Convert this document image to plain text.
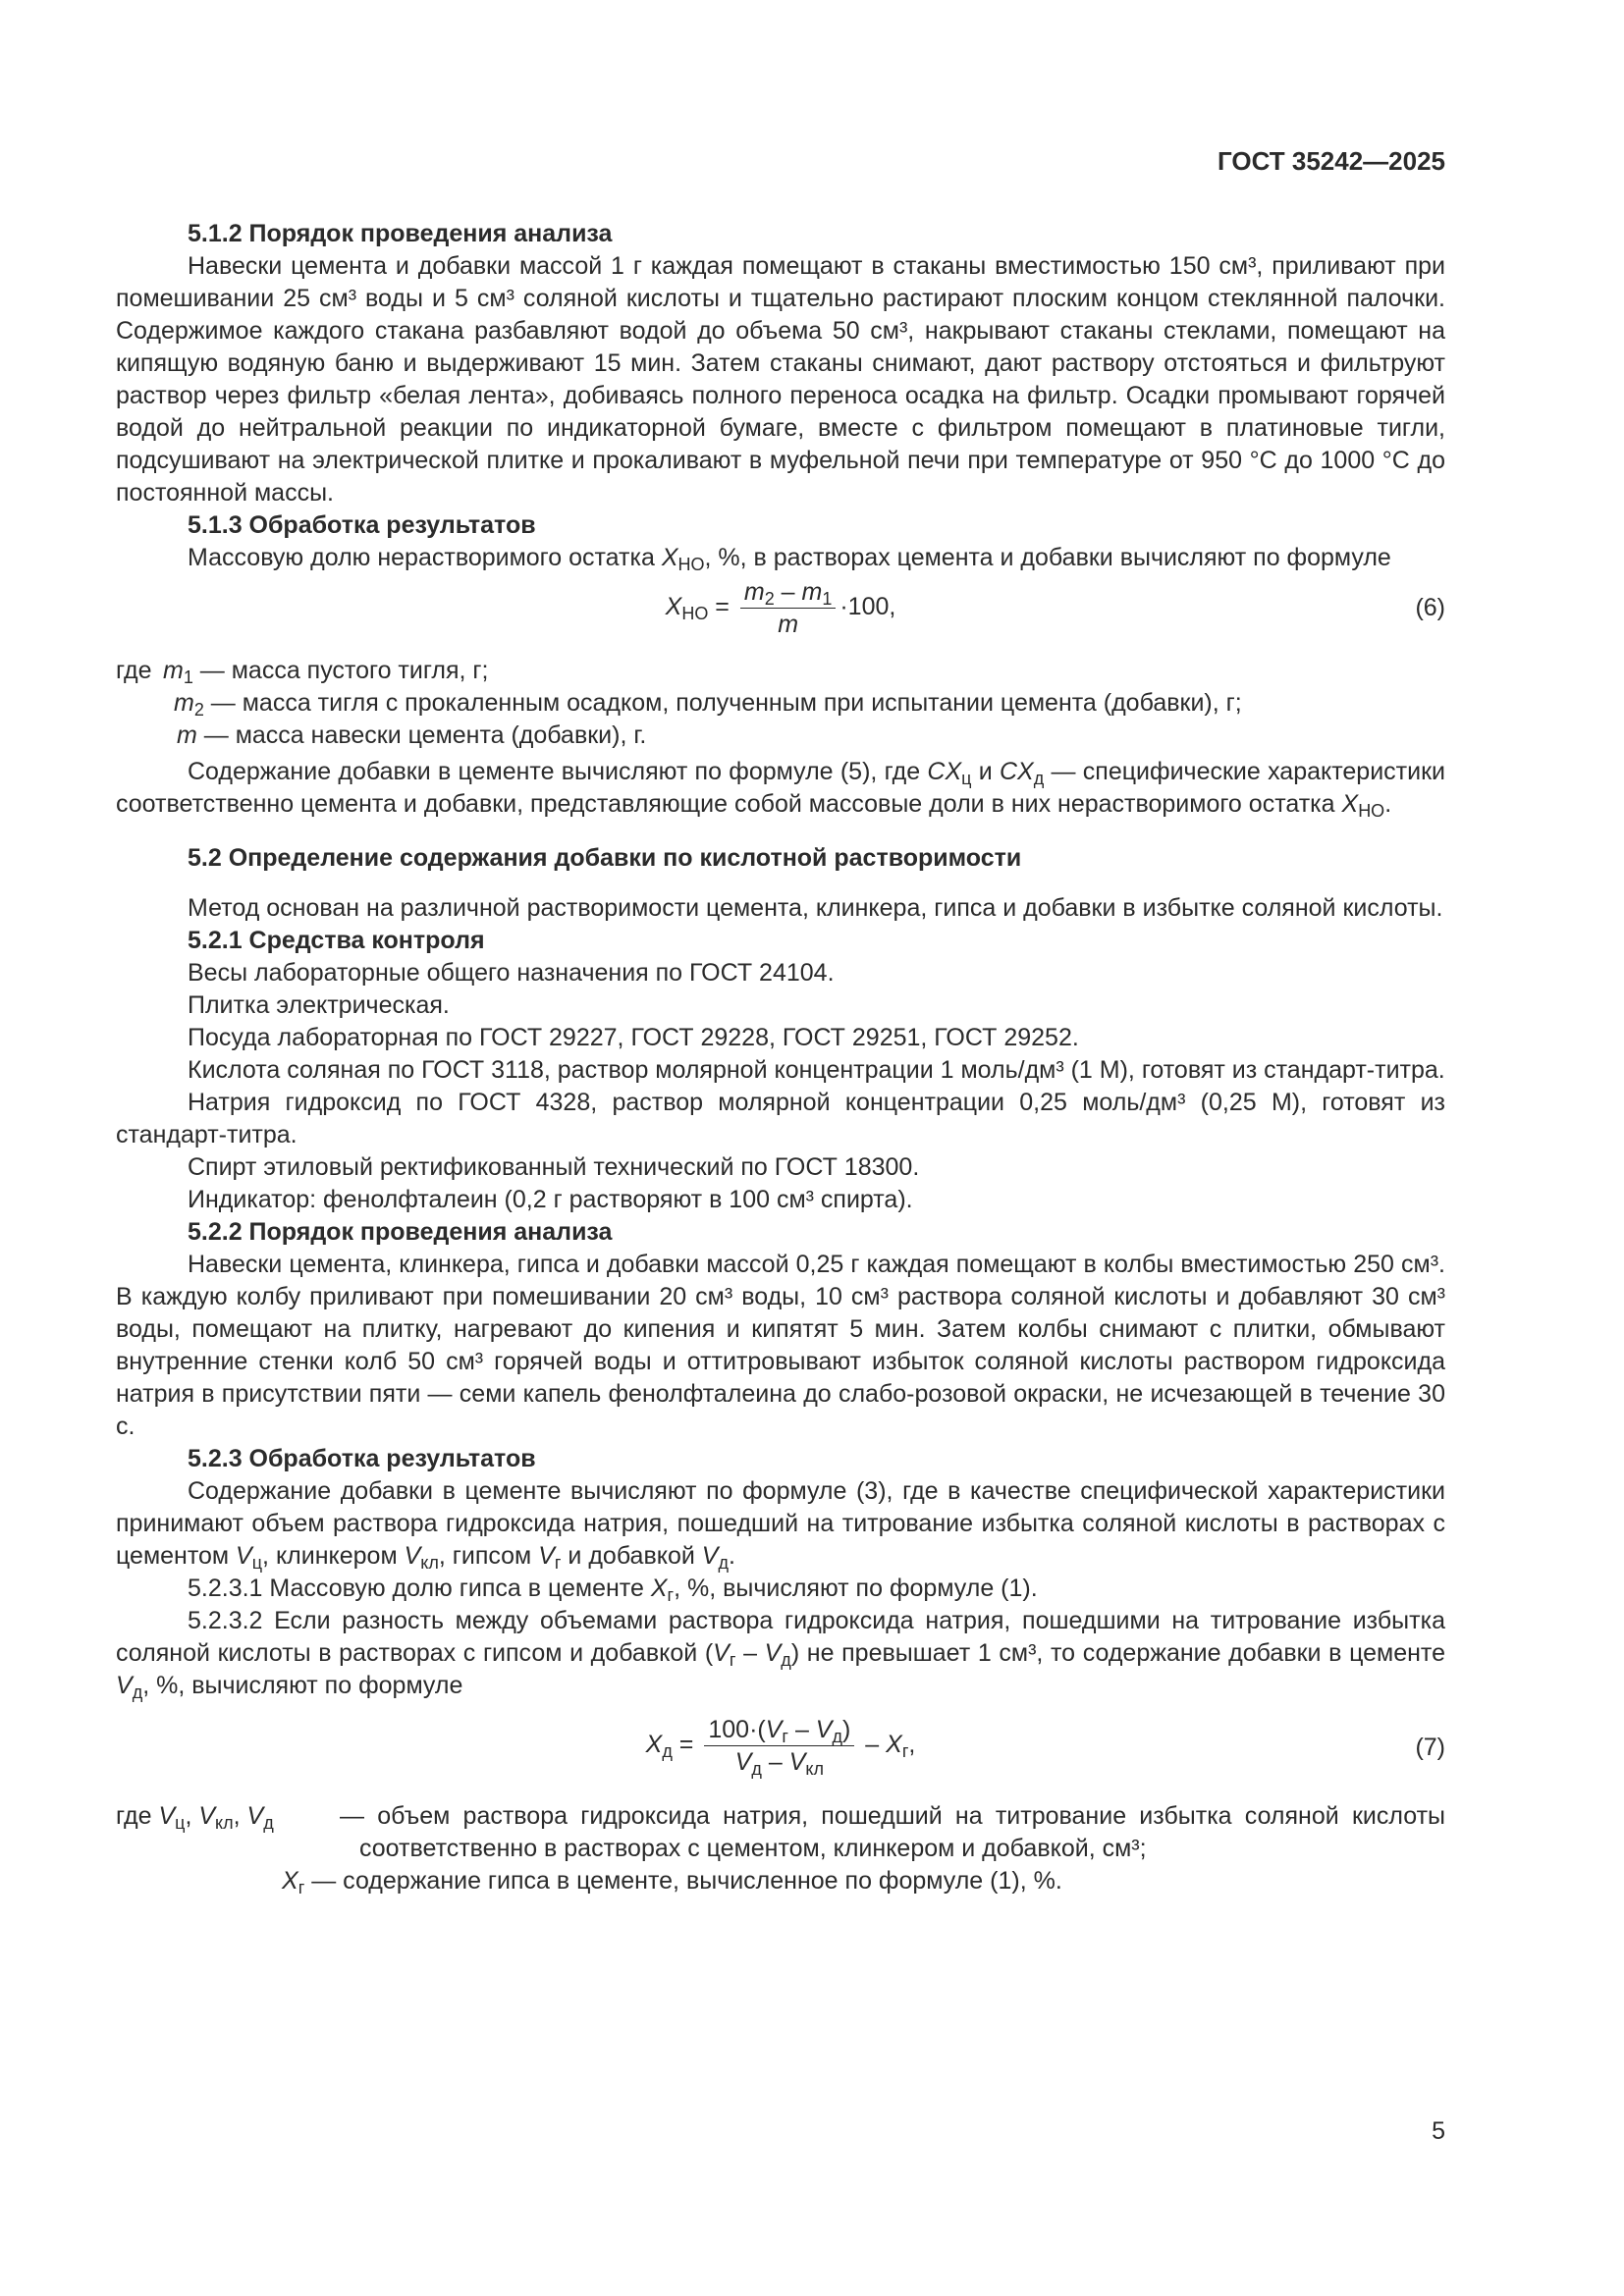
ГОСТ 35242—2025
5.1.2 Порядок проведения анализа
Навески цемента и добавки массой 1 г каждая помещают в стаканы вместимостью 150 см³, приливают при помешивании 25 см³ воды и 5 см³ соляной кислоты и тщательно растирают плоским концом стеклянной палочки. Содержимое каждого стакана разбавляют водой до объема 50 см³, накрывают стаканы стеклами, помещают на кипящую водяную баню и выдерживают 15 мин. Затем стаканы снимают, дают раствору отстояться и фильтруют раствор через фильтр «белая лента», добиваясь полного переноса осадка на фильтр. Осадки промывают горячей водой до нейтральной реакции по индикаторной бумаге, вместе с фильтром помещают в платиновые тигли, подсушивают на электрической плитке и прокаливают в муфельной печи при температуре от 950 °С до 1000 °С до постоянной массы.
5.1.3 Обработка результатов
Массовую долю нерастворимого остатка $X_{НО}$, %, в растворах цемента и добавки вычисляют по формуле
$X_{НО} = \frac{m_2 - m_1}{m} \cdot 100$,	(6)
где $m_1$ — масса пустого тигля, г;
$m_2$ — масса тигля с прокаленным осадком, полученным при испытании цемента (добавки), г;
m — масса навески цемента (добавки), г.
Содержание добавки в цементе вычисляют по формуле (5), где $CX_ц$ и $CX_д$ — специфические характеристики соответственно цемента и добавки, представляющие собой массовые доли в них нерастворимого остатка $X_{НО}$.
5.2 Определение содержания добавки по кислотной растворимости
Метод основан на различной растворимости цемента, клинкера, гипса и добавки в избытке соляной кислоты.
5.2.1 Средства контроля
Весы лабораторные общего назначения по ГОСТ 24104.
Плитка электрическая.
Посуда лабораторная по ГОСТ 29227, ГОСТ 29228, ГОСТ 29251, ГОСТ 29252.
Кислота соляная по ГОСТ 3118, раствор молярной концентрации 1 моль/дм³ (1 М), готовят из стандарт-титра.
Натрия гидроксид по ГОСТ 4328, раствор молярной концентрации 0,25 моль/дм³ (0,25 М), готовят из стандарт-титра.
Спирт этиловый ректификованный технический по ГОСТ 18300.
Индикатор: фенолфталеин (0,2 г растворяют в 100 см³ спирта).
5.2.2 Порядок проведения анализа
Навески цемента, клинкера, гипса и добавки массой 0,25 г каждая помещают в колбы вместимостью 250 см³. В каждую колбу приливают при помешивании 20 см³ воды, 10 см³ раствора соляной кислоты и добавляют 30 см³ воды, помещают на плитку, нагревают до кипения и кипятят 5 мин. Затем колбы снимают с плитки, обмывают внутренние стенки колб 50 см³ горячей воды и оттитровывают избыток соляной кислоты раствором гидроксида натрия в присутствии пяти — семи капель фенолфталеина до слабо-розовой окраски, не исчезающей в течение 30 с.
5.2.3 Обработка результатов
Содержание добавки в цементе вычисляют по формуле (3), где в качестве специфической характеристики принимают объем раствора гидроксида натрия, пошедший на титрование избытка соляной кислоты в растворах с цементом $V_ц$, клинкером $V_{кл}$, гипсом $V_г$ и добавкой $V_д$.
5.2.3.1 Массовую долю гипса в цементе $X_г$, %, вычисляют по формуле (1).
5.2.3.2 Если разность между объемами раствора гидроксида натрия, пошедшими на титрование избытка соляной кислоты в растворах с гипсом и добавкой $(V_г - V_д)$ не превышает 1 см³, то содержание добавки в цементе $V_д$, %, вычисляют по формуле
$X_д = \frac{100\cdot(V_г - V_д)}{V_д - V_{кл}} - X_г$,	(7)
где $V_ц$, $V_{кл}$, $V_д$	— объем раствора гидроксида натрия, пошедший на титрование избытка соляной кислоты соответственно в растворах с цементом, клинкером и добавкой, см³;
$X_г$ — содержание гипса в цементе, вычисленное по формуле (1), %.
5
